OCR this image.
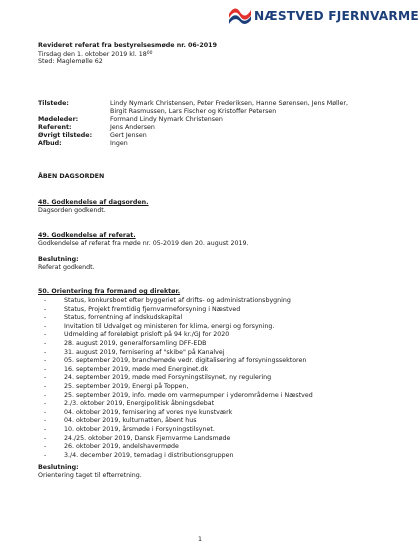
NÆSTVED FJERNVARME
Revideret referat fra bestyrelsesmøde nr. 06-2019
Tirsdag den 1. oktober 2019 kl. $18^{00}$
Sted: Maglemølle 62
Tilstede:	Lindy Nymark Christensen, Peter Frederiksen, Hanne Sørensen, Jens Møller,
Birgit Rasmussen, Lars Fischer og Kristoffer Petersen
Mødeleder:	Formand Lindy Nymark Christensen
Referent:	Jens Andersen
Øvrigt tilstede:	Gert Jensen
Afbud:	Ingen
ÅBEN DAGSORDEN
48. Godkendelse af dagsorden.
Dagsorden godkendt.
49. Godkendelse af referat.
Godkendelse af referat fra møde nr. 05-2019 den 20. august 2019.
Beslutning:
Referat godkendt.
50. Orientering fra formand og direktør.
-	Status, konkursboet efter byggeriet af drifts- og administrationsbygning
-	Status, Projekt fremtidig fjernvarmeforsyning i Næstved
-	Status, forrentning af indskudskapital
-	Invitation til Udvalget og ministeren for klima, energi og forsyning.
-	Udmelding af foreløbigt prisloft på 94 kr./GJ for 2020
-	28. august 2019, generalforsamling DFF-EDB
-	31. august 2019, fernisering af "skibe" på Kanalvej
-	05. september 2019, branchemøde vedr. digitalisering af forsyningssektoren
-	16. september 2019, møde med Energinet.dk
-	24. september 2019, møde med Forsyningstilsynet, ny regulering
-	25. september 2019, Energi på Toppen,
-	25. september 2019, info. møde om varmepumper i yderområderne i Næstved
-	2./3. oktober 2019, Energipolitisk åbningsdebat
-	04. oktober 2019, fernisering af vores nye kunstværk
-	04. oktober 2019, kulturnatten, åbent hus
-	10. oktober 2019, årsmøde i Forsyningstilsynet.
-	24./25. oktober 2019, Dansk Fjernvarme Landsmøde
-	26. oktober 2019, andelshavermøde
-	3./4. december 2019, temadag i distributionsgruppen
Beslutning:
Orientering taget til efterretning.
1
